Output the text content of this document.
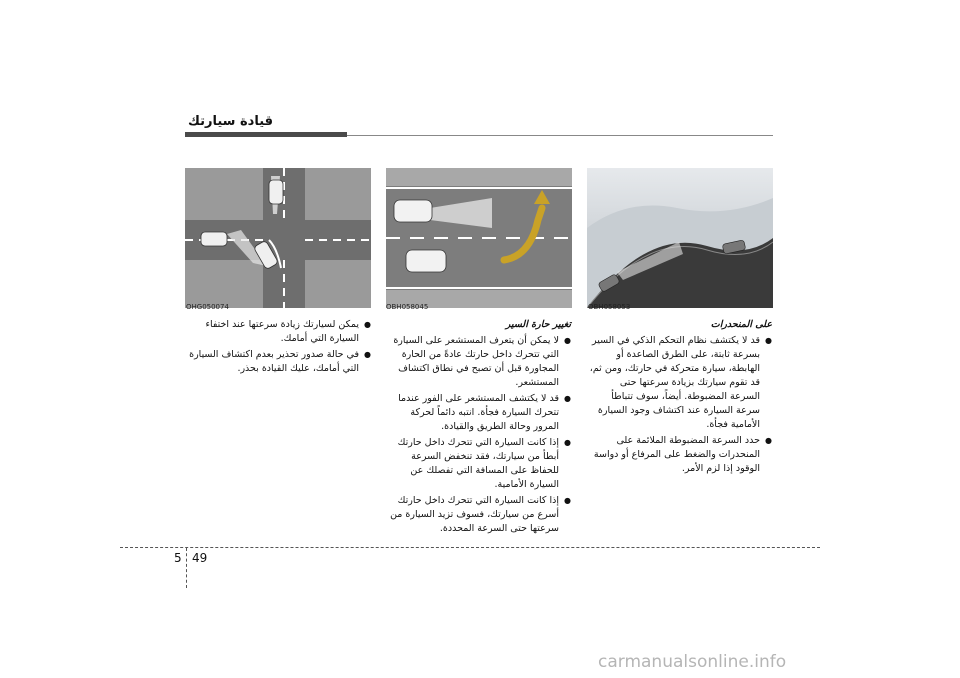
قيادة سيارتك
OHG050074	OBH058045	OBH058053
● يمكن لسيارتك زيادة سرعتها عند اختفاء السيارة التي أمامك.
● في حالة صدور تحذير بعدم اكتشاف السيارة التي أمامك، عليك القيادة بحذر.
تغيير حارة السير
● لا يمكن أن يتعرف المستشعر على السيارة التي تتحرك داخل حارتك عادةً من الحارة المجاورة قبل أن تصبح في نطاق اكتشاف المستشعر.
● قد لا يكتشف المستشعر على الفور عندما تتحرك السيارة فجأة. انتبه دائماً لحركة المرور وحالة الطريق والقيادة.
● إذا كانت السيارة التي تتحرك داخل حارتك أبطأ من سيارتك، فقد تنخفض السرعة للحفاظ على المسافة التي تفصلك عن السيارة الأمامية.
● إذا كانت السيارة التي تتحرك داخل حارتك أسرع من سيارتك، فسوف تزيد السيارة من سرعتها حتى السرعة المحددة.
على المنحدرات
● قد لا يكتشف نظام التحكم الذكي في السير بسرعة ثابتة، على الطرق الصاعدة أو الهابطة، سيارة متحركة في حارتك، ومن ثم، قد تقوم سيارتك بزيادة سرعتها حتى السرعة المضبوطة. أيضاً، سوف تتباطأ سرعة السيارة عند اكتشاف وجود السيارة الأمامية فجأة.
● حدد السرعة المضبوطة الملائمة على المنحدرات والضغط على المرفاع أو دواسة الوقود إذا لزم الأمر.
5 49
carmanualsonline.info
